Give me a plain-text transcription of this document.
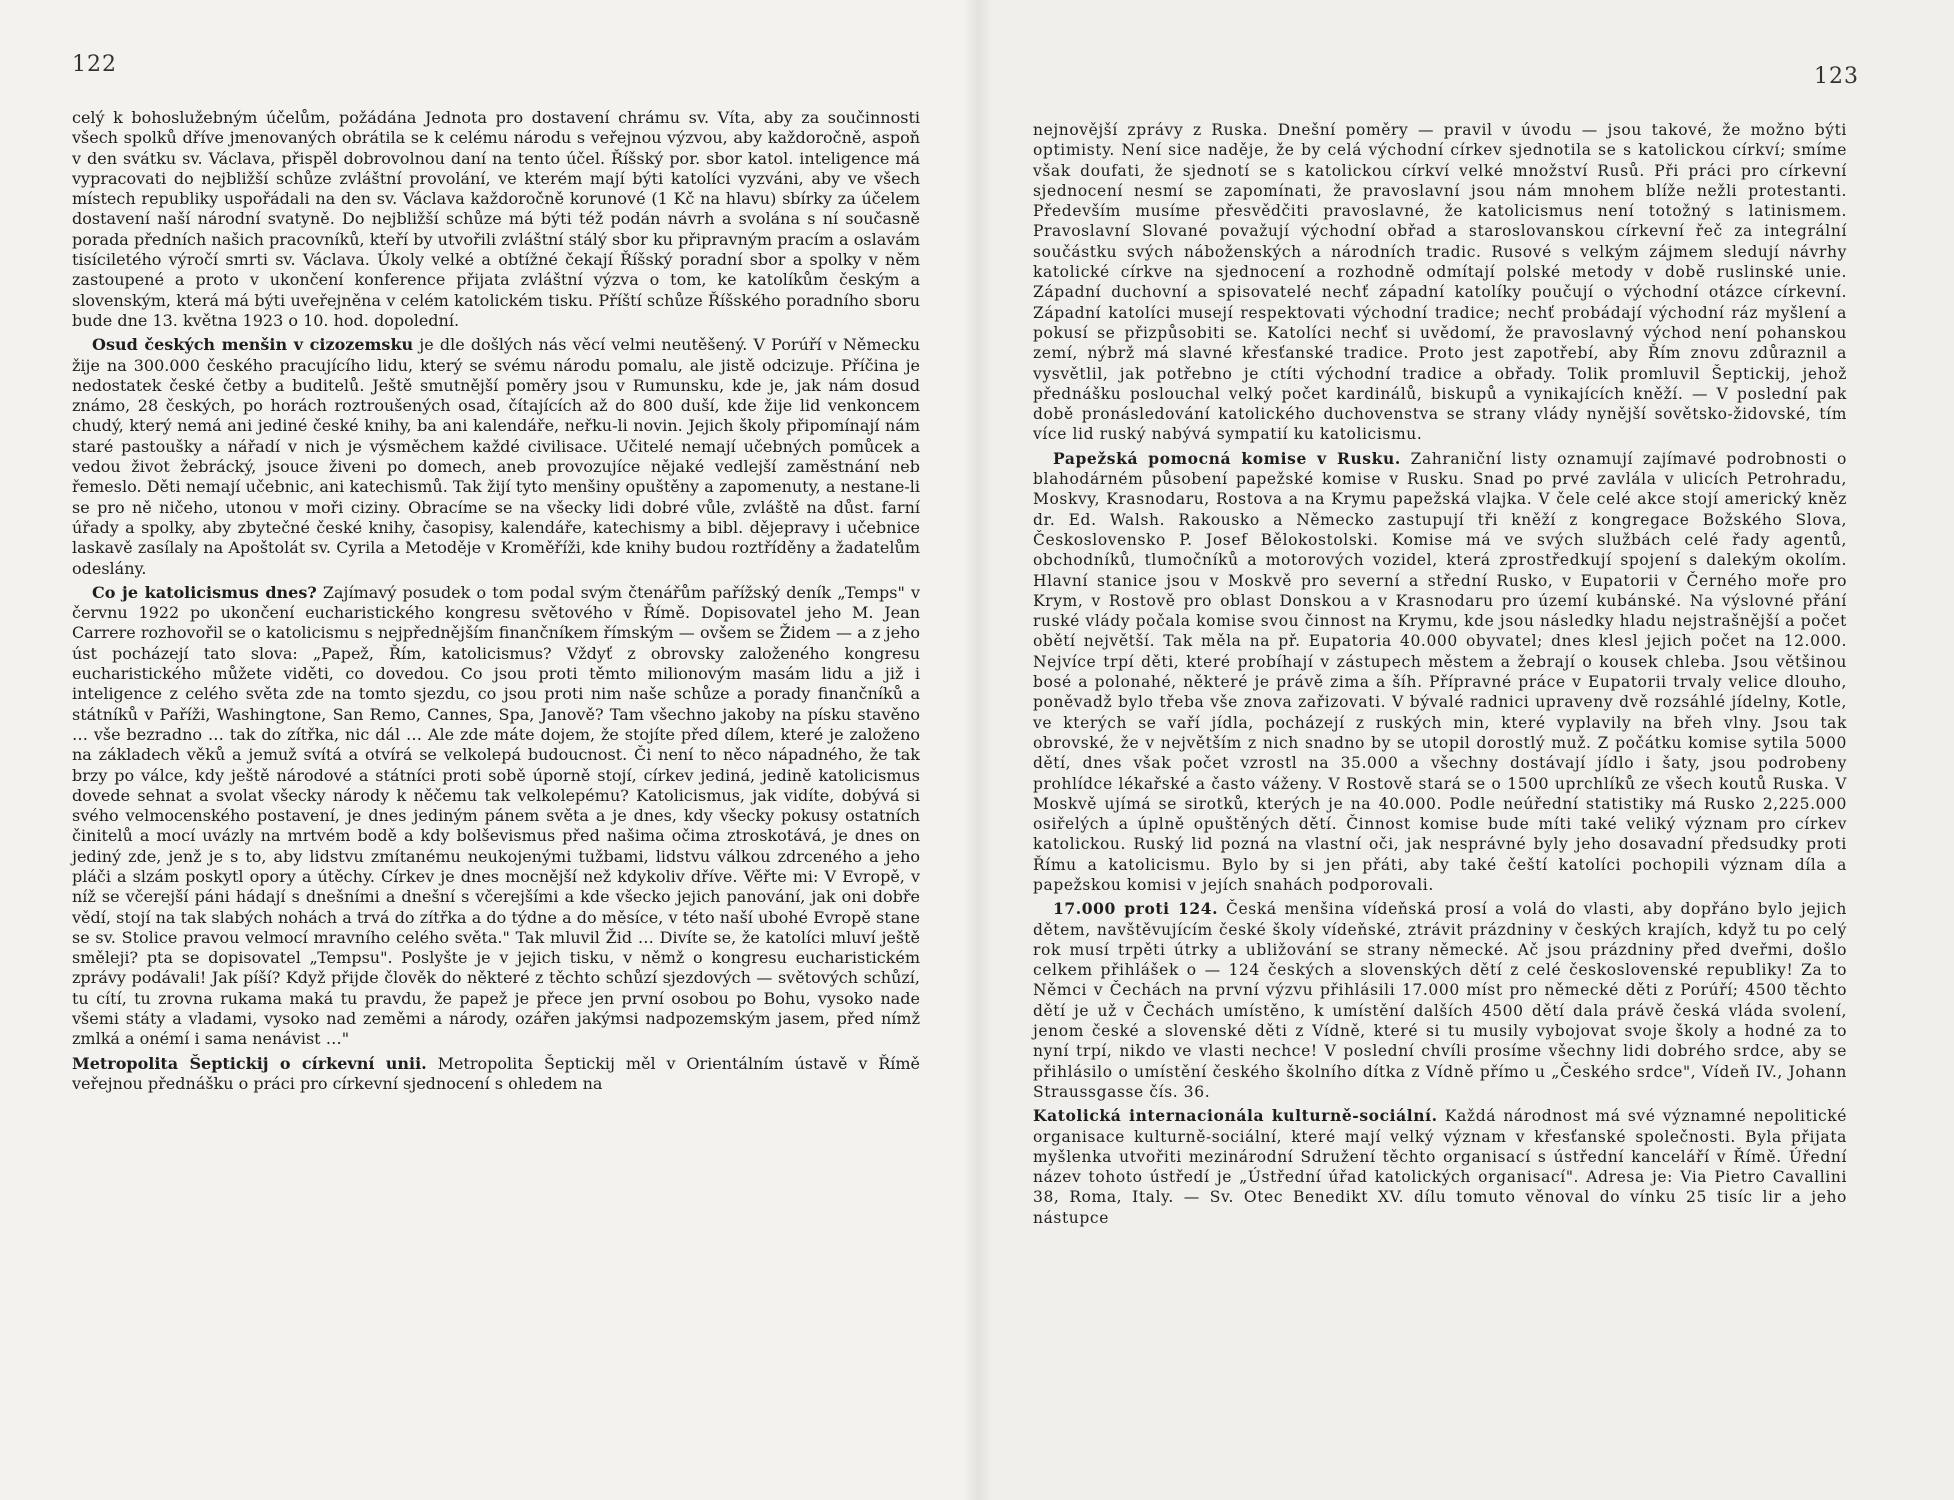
122

celý k bohoslužebným účelům, požádána Jednota pro dostavení chrámu sv. Víta, aby za součinnosti všech spolků dříve jmenovaných obrátila se k celému národu s veřejnou výzvou, aby každoročně, aspoň v den svátku sv. Václava, přispěl dobrovolnou daní na tento účel. Říšský por. sbor katol. inteligence má vypracovati do nejbližší schůze zvláštní provolání, ve kterém mají býti katolíci vyzváni, aby ve všech místech republiky uspořádali na den sv. Václava každoročně korunové (1 Kč na hlavu) sbírky za účelem dostavení naší národní svatyně. Do nejbližší schůze má býti též podán návrh a svolána s ní současně porada předních našich pracovníků, kteří by utvořili zvláštní stálý sbor ku připravným pracím a oslavám tisíciletého výročí smrti sv. Václava. Úkoly velké a obtížné čekají Říšský poradní sbor a spolky v něm zastoupené a proto v ukončení konference přijata zvláštní výzva o tom, ke katolíkům českým a slovenským, která má býti uveřejněna v celém katolickém tisku. Příští schůze Říšského poradního sboru bude dne 13. května 1923 o 10. hod. dopolední.

Osud českých menšin v cizozemsku je dle došlých nás věcí velmi neutěšený. V Porúří v Německu žije na 300.000 českého pracujícího lidu, který se svému národu pomalu, ale jistě odcizuje. Příčina je nedostatek české četby a buditelů. Ještě smutnější poměry jsou v Rumunsku, kde je, jak nám dosud známo, 28 českých, po horách roztroušených osad, čítajících až do 800 duší, kde žije lid venkoncem chudý, který nemá ani jediné české knihy, ba ani kalendáře, neřku-li novin. Jejich školy připomínají nám staré pastoušky a nářadí v nich je výsměchem každé civilisace. Učitelé nemají učebných pomůcek a vedou život žebrácký, jsouce živeni po domech, aneb provozujíce nějaké vedlejší zaměstnání neb řemeslo. Děti nemají učebnic, ani katechismů. Tak žijí tyto menšiny opuštěny a zapomenuty, a nestane-li se pro ně ničeho, utonou v moři ciziny. Obracíme se na všecky lidi dobré vůle, zvláště na důst. farní úřady a spolky, aby zbytečné české knihy, časopisy, kalendáře, katechismy a bibl. dějepravy i učebnice laskavě zasílaly na Apoštolát sv. Cyrila a Metoděje v Kroměříži, kde knihy budou roztříděny a žadatelům odeslány.

Co je katolicismus dnes? Zajímavý posudek o tom podal svým čtenářům pařížský deník „Temps" v červnu 1922 po ukončení eucharistického kongresu světového v Římě. Dopisovatel jeho M. Jean Carrere rozhovořil se o katolicismu s nejpřednějším finančníkem římským — ovšem se Židem — a z jeho úst pocházejí tato slova: „Papež, Řím, katolicismus? Vždyť z obrovsky založeného kongresu eucharistického můžete viděti, co dovedou. Co jsou proti těmto milionovým masám lidu a již i inteligence z celého světa zde na tomto sjezdu, co jsou proti nim naše schůze a porady finančníků a státníků v Paříži, Washingtone, San Remo, Cannes, Spa, Janově? Tam všechno jakoby na písku stavěno … vše bezradno … tak do zítřka, nic dál … Ale zde máte dojem, že stojíte před dílem, které je založeno na základech věků a jemuž svítá a otvírá se velkolepá budoucnost. Či není to něco nápadného, že tak brzy po válce, kdy ještě národové a státníci proti sobě úporně stojí, církev jediná, jedině katolicismus dovede sehnat a svolat všecky národy k něčemu tak velkolepému? Katolicismus, jak vidíte, dobývá si svého velmocenského postavení, je dnes jediným pánem světa a je dnes, kdy všecky pokusy ostatních činitelů a mocí uvázly na mrtvém bodě a kdy bolševismus před našima očima ztroskotává, je dnes on jediný zde, jenž je s to, aby lidstvu zmítanému neukojenými tužbami, lidstvu válkou zdrceného a jeho pláči a slzám poskytl opory a útěchy. Církev je dnes mocnější než kdykoliv dříve. Věřte mi: V Evropě, v níž se včerejší páni hádají s dnešními a dnešní s včerejšími a kde všecko jejich panování, jak oni dobře vědí, stojí na tak slabých nohách a trvá do zítřka a do týdne a do měsíce, v této naší ubohé Evropě stane se sv. Stolice pravou velmocí mravního celého světa." Tak mluvil Žid … Divíte se, že katolíci mluví ještě směleji? pta se dopisovatel „Tempsu". Poslyšte je v jejich tisku, v němž o kongresu eucharistickém zprávy podávali! Jak píší? Když přijde člověk do některé z těchto schůzí sjezdových — světových schůzí, tu cítí, tu zrovna rukama maká tu pravdu, že papež je přece jen první osobou po Bohu, vysoko nade všemi státy a vladami, vysoko nad zeměmi a národy, ozářen jakýmsi nadpozemským jasem, před nímž zmlká a onémí i sama nenávist …"

Metropolita Šeptickij o církevní unii. Metropolita Šeptickij měl v Orientálním ústavě v Římě veřejnou přednášku o práci pro církevní sjednocení s ohledem na

123

nejnovější zprávy z Ruska. Dnešní poměry — pravil v úvodu — jsou takové, že možno býti optimisty. Není sice naděje, že by celá východní církev sjednotila se s katolickou církví; smíme však doufati, že sjednotí se s katolickou církví velké množství Rusů. Při práci pro církevní sjednocení nesmí se zapomínati, že pravoslavní jsou nám mnohem blíže nežli protestanti. Především musíme přesvědčiti pravoslavné, že katolicismus není totožný s latinismem. Pravoslavní Slované považují východní obřad a staroslovanskou církevní řeč za integrální součástku svých náboženských a národních tradic. Rusové s velkým zájmem sledují návrhy katolické církve na sjednocení a rozhodně odmítají polské metody v době ruslinské unie. Západní duchovní a spisovatelé nechť západní katolíky poučují o východní otázce církevní. Západní katolíci musejí respektovati východní tradice; nechť probádají východní ráz myšlení a pokusí se přizpůsobiti se. Katolíci nechť si uvědomí, že pravoslavný východ není pohanskou zemí, nýbrž má slavné křesťanské tradice. Proto jest zapotřebí, aby Řím znovu zdůraznil a vysvětlil, jak potřebno je ctíti východní tradice a obřady. Tolik promluvil Šeptickij, jehož přednášku poslouchal velký počet kardinálů, biskupů a vynikajících kněží. — V poslední pak době pronásledování katolického duchovenstva se strany vlády nynější sovětsko-židovské, tím více lid ruský nabývá sympatií ku katolicismu.

Papežská pomocná komise v Rusku. Zahraniční listy oznamují zajímavé podrobnosti o blahodárném působení papežské komise v Rusku. Snad po prvé zavlála v ulicích Petrohradu, Moskvy, Krasnodaru, Rostova a na Krymu papežská vlajka. V čele celé akce stojí americký kněz dr. Ed. Walsh. Rakousko a Německo zastupují tři kněží z kongregace Božského Slova, Československo P. Josef Bělokostolski. Komise má ve svých službách celé řady agentů, obchodníků, tlumočníků a motorových vozidel, která zprostředkují spojení s dalekým okolím. Hlavní stanice jsou v Moskvě pro severní a střední Rusko, v Eupatorii v Černého moře pro Krym, v Rostově pro oblast Donskou a v Krasnodaru pro území kubánské. Na výslovné přání ruské vlády počala komise svou činnost na Krymu, kde jsou následky hladu nejstrašnější a počet obětí největší. Tak měla na př. Eupatoria 40.000 obyvatel; dnes klesl jejich počet na 12.000. Nejvíce trpí děti, které probíhají v zástupech městem a žebrají o kousek chleba. Jsou většinou bosé a polonahé, některé je právě zima a šíh. Přípravné práce v Eupatorii trvaly velice dlouho, poněvadž bylo třeba vše znova zařizovati. V bývalé radnici upraveny dvě rozsáhlé jídelny, Kotle, ve kterých se vaří jídla, pocházejí z ruských min, které vyplavily na břeh vlny. Jsou tak obrovské, že v největším z nich snadno by se utopil dorostlý muž. Z počátku komise sytila 5000 dětí, dnes však počet vzrostl na 35.000 a všechny dostávají jídlo i šaty, jsou podrobeny prohlídce lékařské a často váženy. V Rostově stará se o 1500 uprchlíků ze všech koutů Ruska. V Moskvě ujímá se sirotků, kterých je na 40.000. Podle neúřední statistiky má Rusko 2,225.000 osiřelých a úplně opuštěných dětí. Činnost komise bude míti také veliký význam pro církev katolickou. Ruský lid pozná na vlastní oči, jak nesprávné byly jeho dosavadní předsudky proti Římu a katolicismu. Bylo by si jen přáti, aby také čeští katolíci pochopili význam díla a papežskou komisi v jejích snahách podporovali.

17.000 proti 124. Česká menšina vídeňská prosí a volá do vlasti, aby dopřáno bylo jejich dětem, navštěvujícím české školy vídeňské, ztrávit prázdniny v českých krajích, když tu po celý rok musí trpěti útrky a ubližování se strany německé. Ač jsou prázdniny před dveřmi, došlo celkem přihlášek o — 124 českých a slovenských dětí z celé československé republiky! Za to Němci v Čechách na první výzvu přihlásili 17.000 míst pro německé děti z Porúří; 4500 těchto dětí je už v Čechách umístěno, k umístění dalších 4500 dětí dala právě česká vláda svolení, jenom české a slovenské děti z Vídně, které si tu musily vybojovat svoje školy a hodné za to nyní trpí, nikdo ve vlasti nechce! V poslední chvíli prosíme všechny lidi dobrého srdce, aby se přihlásilo o umístění českého školního dítka z Vídně přímo u „Českého srdce", Vídeň IV., Johann Straussgasse čís. 36.

Katolická internacionála kulturně-sociální. Každá národnost má své významné nepolitické organisace kulturně-sociální, které mají velký význam v křesťanské společnosti. Byla přijata myšlenka utvořiti mezinárodní Sdružení těchto organisací s ústřední kanceláří v Římě. Úřední název tohoto ústředí je „Ústřední úřad katolických organisací". Adresa je: Via Pietro Cavallini 38, Roma, Italy. — Sv. Otec Benedikt XV. dílu tomuto věnoval do vínku 25 tisíc lir a jeho nástupce
